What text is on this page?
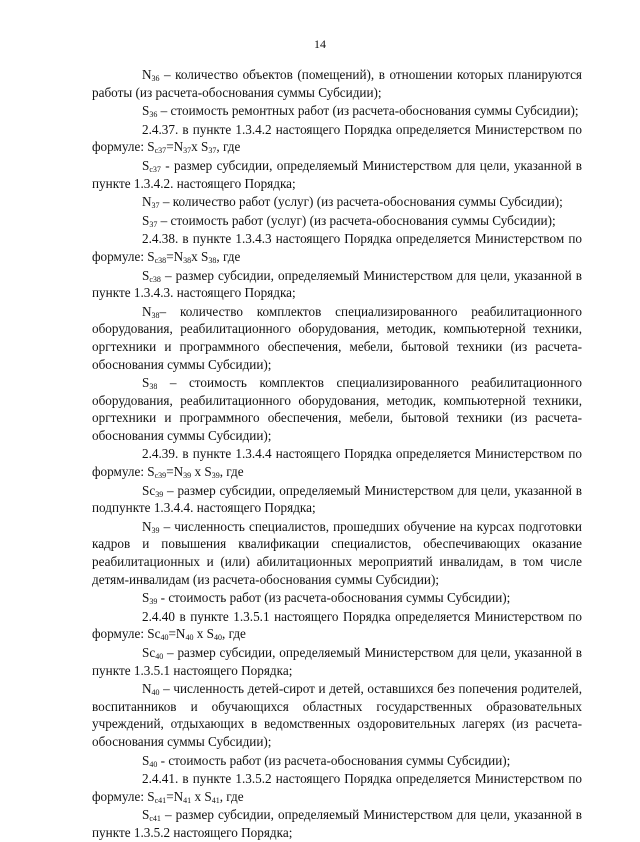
14

$N_{36}$ – количество объектов (помещений), в отношении которых планируются работы (из расчета-обоснования суммы Субсидии);

$S_{36}$ – стоимость ремонтных работ (из расчета-обоснования суммы Субсидии);

2.4.37. в пункте 1.3.4.2 настоящего Порядка определяется Министерством по формуле: $S_{c37}=N_{37}x$ $S_{37}$, где

$S_{c37}$ - размер субсидии, определяемый Министерством для цели, указанной в пункте 1.3.4.2. настоящего Порядка;

$N_{37}$ – количество работ (услуг) (из расчета-обоснования суммы Субсидии);

$S_{37}$ – стоимость работ (услуг) (из расчета-обоснования суммы Субсидии);

2.4.38. в пункте 1.3.4.3 настоящего Порядка определяется Министерством по формуле: $S_{c38}=N_{38}x$ $S_{38}$, где

$S_{c38}$ – размер субсидии, определяемый Министерством для цели, указанной в пункте 1.3.4.3. настоящего Порядка;

$N_{38}-$ количество комплектов специализированного реабилитационного оборудования, реабилитационного оборудования, методик, компьютерной техники, оргтехники и программного обеспечения, мебели, бытовой техники (из расчета-обоснования суммы Субсидии);

$S_{38}$ – стоимость комплектов специализированного реабилитационного оборудования, реабилитационного оборудования, методик, компьютерной техники, оргтехники и программного обеспечения, мебели, бытовой техники (из расчета-обоснования суммы Субсидии);

2.4.39. в пункте 1.3.4.4 настоящего Порядка определяется Министерством по формуле: $S_{c39}=N_{39}$ x $S_{39}$, где

$Sc_{39}$ – размер субсидии, определяемый Министерством для цели, указанной в подпункте 1.3.4.4. настоящего Порядка;

$N_{39}$ – численность специалистов, прошедших обучение на курсах подготовки кадров и повышения квалификации специалистов, обеспечивающих оказание реабилитационных и (или) абилитационных мероприятий инвалидам, в том числе детям-инвалидам (из расчета-обоснования суммы Субсидии);

$S_{39}$ - стоимость работ (из расчета-обоснования суммы Субсидии);

2.4.40 в пункте 1.3.5.1 настоящего Порядка определяется Министерством по формуле: $Sc_{40}=N_{40}$ x $S_{40}$, где

$Sc_{40}$ – размер субсидии, определяемый Министерством для цели, указанной в пункте 1.3.5.1 настоящего Порядка;

$N_{40}$ – численность детей-сирот и детей, оставшихся без попечения родителей, воспитанников и обучающихся областных государственных образовательных учреждений, отдыхающих в ведомственных оздоровительных лагерях (из расчета-обоснования суммы Субсидии);

$S_{40}$ - стоимость работ (из расчета-обоснования суммы Субсидии);

2.4.41. в пункте 1.3.5.2 настоящего Порядка определяется Министерством по формуле: $S_{c41}=N_{41}$ x $S_{41}$, где

$S_{c41}$ – размер субсидии, определяемый Министерством для цели, указанной в пункте 1.3.5.2 настоящего Порядка;
